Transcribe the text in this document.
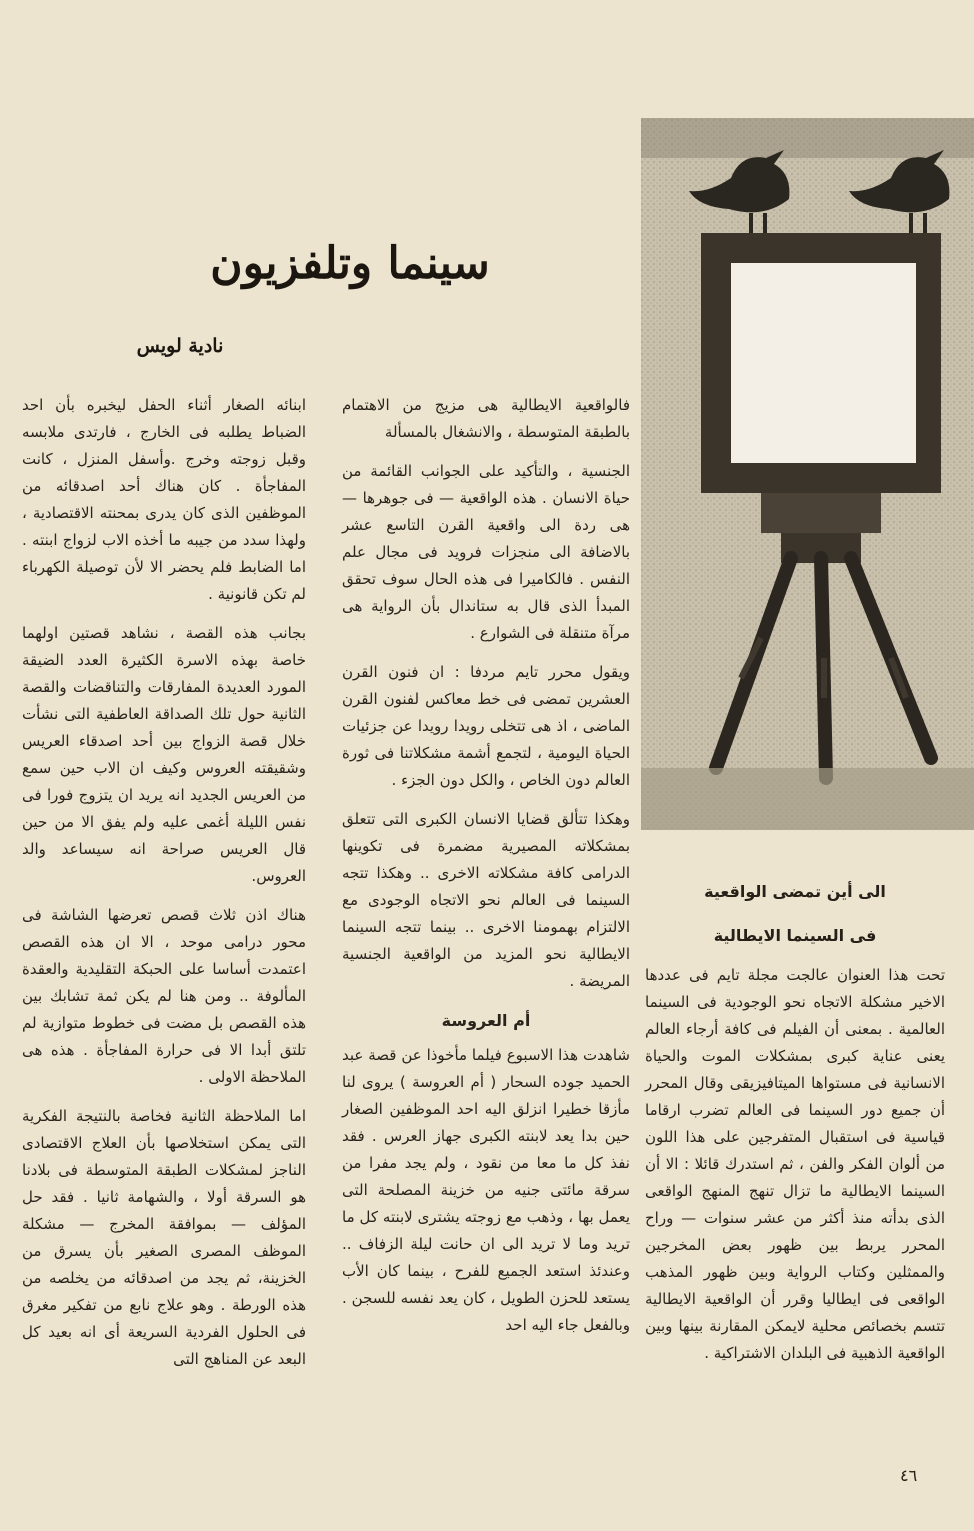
سينما وتلفزيون
نادية لويس

ابنائه الصغار أثناء الحفل ليخبره بأن احد الضباط يطلبه فى الخارج ، فارتدى ملابسه وقبل زوجته وخرج .وأسفل المنزل ، كانت المفاجأة . كان هناك أحد اصدقائه من الموظفين الذى كان يدرى بمحنته الاقتصادية ، ولهذا سدد من جيبه ما أخذه الاب لزواج ابنته . اما الضابط فلم يحضر الا لأن توصيلة الكهرباء لم تكن قانونية .

بجانب هذه القصة ، نشاهد قصتين اولهما خاصة بهذه الاسرة الكثيرة العدد الضيقة المورد العديدة المفارقات والتناقضات والقصة الثانية حول تلك الصداقة العاطفية التى نشأت خلال قصة الزواج بين أحد اصدقاء العريس وشقيقته العروس وكيف ان الاب حين سمع من العريس الجديد انه يريد ان يتزوج فورا فى نفس الليلة أغمى عليه ولم يفق الا من حين قال العريس صراحة انه سيساعد والد العروس.

هناك اذن ثلاث قصص تعرضها الشاشة فى محور درامى موحد ، الا ان هذه القصص اعتمدت أساسا على الحبكة التقليدية والعقدة المألوفة .. ومن هنا لم يكن ثمة تشابك بين هذه القصص بل مضت فى خطوط متوازية لم تلتق أبدا الا فى حرارة المفاجأة . هذه هى الملاحظة الاولى .

اما الملاحظة الثانية فخاصة بالنتيجة الفكرية التى يمكن استخلاصها بأن العلاج الاقتصادى الناجز لمشكلات الطبقة المتوسطة فى بلادنا هو السرقة أولا ، والشهامة ثانيا . فقد حل المؤلف — بموافقة المخرج — مشكلة الموظف المصرى الصغير بأن يسرق من الخزينة، ثم يجد من اصدقائه من يخلصه من هذه الورطة . وهو علاج نابع من تفكير مغرق فى الحلول الفردية السريعة أى انه بعيد كل البعد عن المناهج التى

فالواقعية الايطالية هى مزيج من الاهتمام بالطبقة المتوسطة ، والانشغال بالمسألة

الجنسية ، والتأكيد على الجوانب القائمة من حياة الانسان . هذه الواقعية — فى جوهرها — هى ردة الى واقعية القرن التاسع عشر بالاضافة الى منجزات فرويد فى مجال علم النفس . فالكاميرا فى هذه الحال سوف تحقق المبدأ الذى قال به ستاندال بأن الرواية هى مرآة متنقلة فى الشوارع .

ويقول محرر تايم مردفا : ان فنون القرن العشرين تمضى فى خط معاكس لفنون القرن الماضى ، اذ هى تتخلى رويدا رويدا عن جزئيات الحياة اليومية ، لتجمع أشمة مشكلاتنا فى ثورة العالم دون الخاص ، والكل دون الجزء .

وهكذا تتألق قضايا الانسان الكبرى التى تتعلق بمشكلاته المصيرية مضمرة فى تكوينها الدرامى كافة مشكلاته الاخرى .. وهكذا تتجه السينما فى العالم نحو الاتجاه الوجودى مع الالتزام بهمومنا الاخرى .. بينما تتجه السينما الايطالية نحو المزيد من الواقعية الجنسية المريضة .

أم العروسة

شاهدت هذا الاسبوع فيلما مأخوذا عن قصة عبد الحميد جوده السحار ( أم العروسة ) يروى لنا مأزقا خطيرا انزلق اليه احد الموظفين الصغار حين بدا يعد لابنته الكبرى جهاز العرس . فقد نفذ كل ما معا من نقود ، ولم يجد مفرا من سرقة مائتى جنيه من خزينة المصلحة التى يعمل بها ، وذهب مع زوجته يشترى لابنته كل ما تريد وما لا تريد الى ان حانت ليلة الزفاف .. وعندئذ استعد الجميع للفرح ، بينما كان الأب يستعد للحزن الطويل ، كان يعد نفسه للسجن . وبالفعل جاء اليه احد

الى أين تمضى الواقعية
فى السينما الايطالية

تحت هذا العنوان عالجت مجلة تايم فى عددها الاخير مشكلة الاتجاه نحو الوجودية فى السينما العالمية . بمعنى أن الفيلم فى كافة أرجاء العالم يعنى عناية كبرى بمشكلات الموت والحياة الانسانية فى مستواها الميتافيزيقى وقال المحرر أن جميع دور السينما فى العالم تضرب ارقاما قياسية فى استقبال المتفرجين على هذا اللون من ألوان الفكر والفن ، ثم استدرك قائلا : الا أن السينما الايطالية ما تزال تنهج المنهج الواقعى الذى بدأته منذ أكثر من عشر سنوات — وراح المحرر يربط بين ظهور بعض المخرجين والممثلين وكتاب الرواية وبين ظهور المذهب الواقعى فى ايطاليا وقرر أن الواقعية الايطالية تتسم بخصائص محلية لايمكن المقارنة بينها وبين الواقعية الذهبية فى البلدان الاشتراكية .

٤٦
